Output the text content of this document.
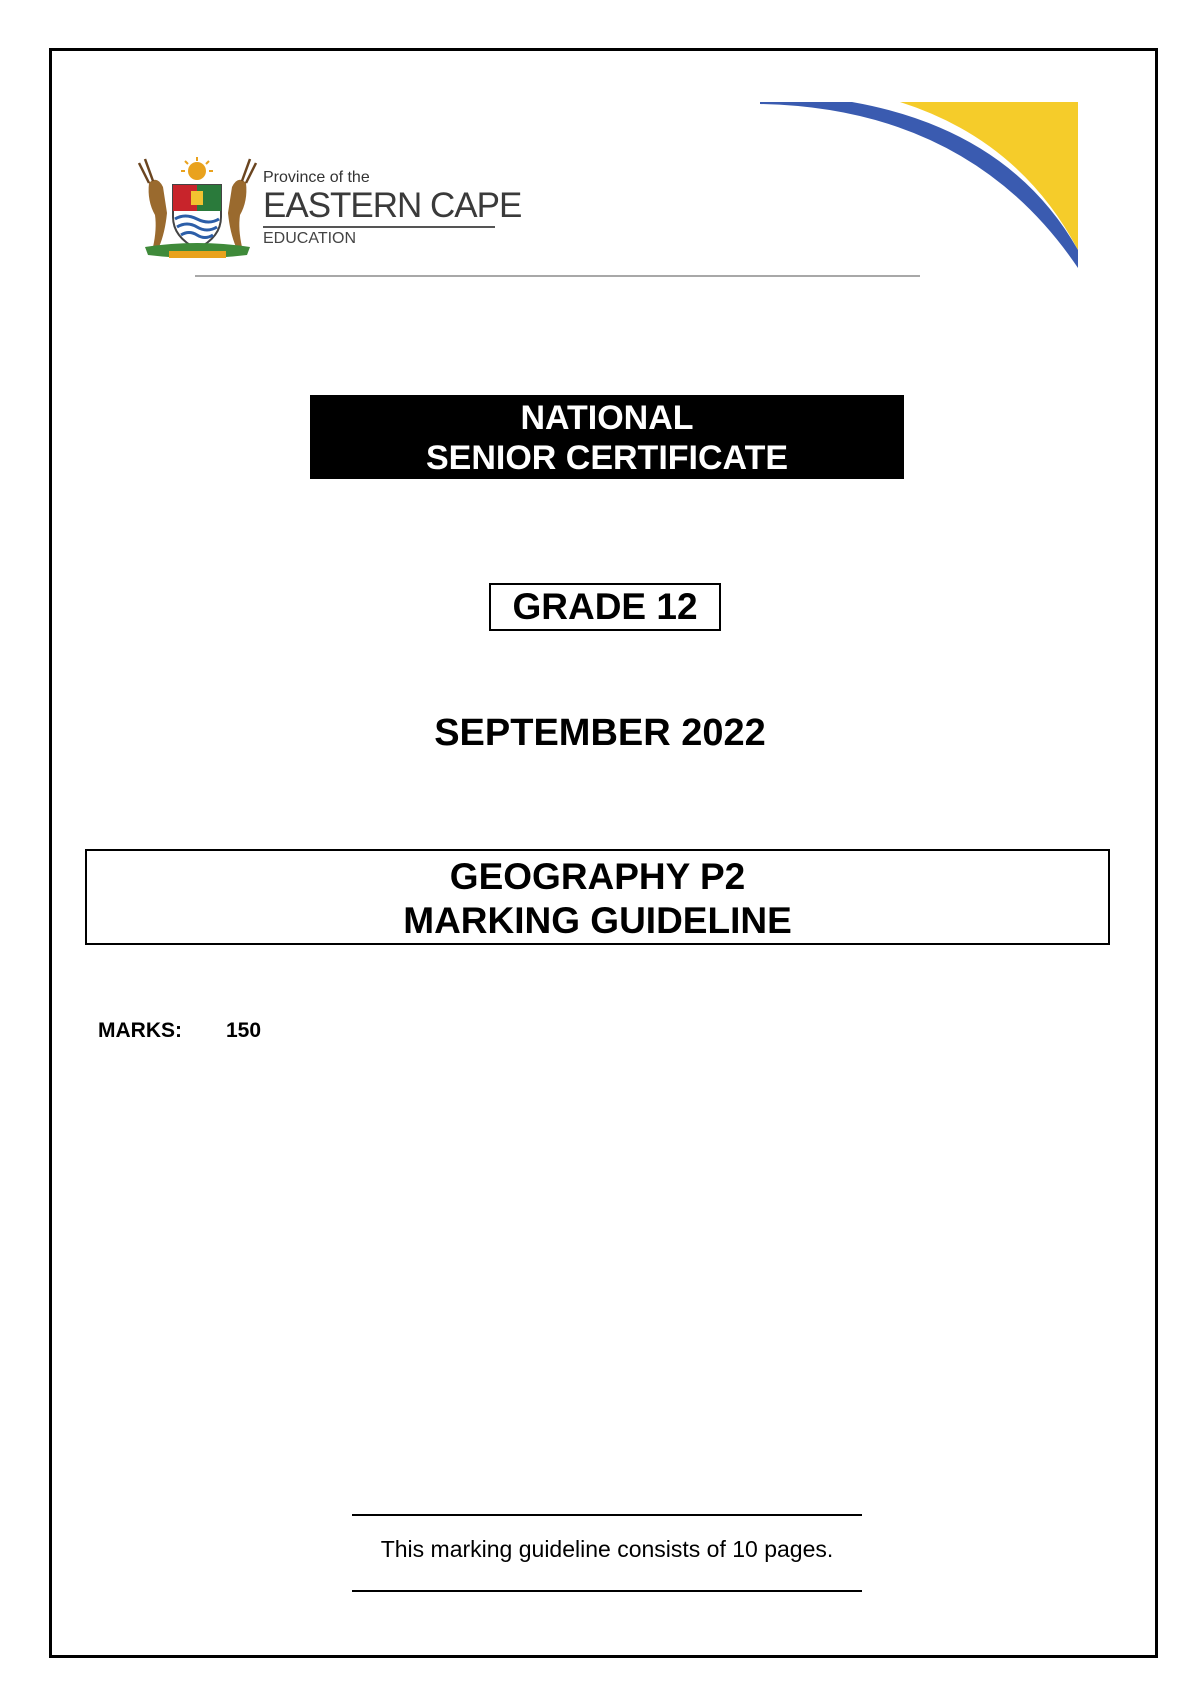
Province of the
EASTERN CAPE
EDUCATION
NATIONAL
SENIOR CERTIFICATE
GRADE 12
SEPTEMBER 2022
GEOGRAPHY P2
MARKING GUIDELINE
MARKS: 150
This marking guideline consists of 10 pages.
